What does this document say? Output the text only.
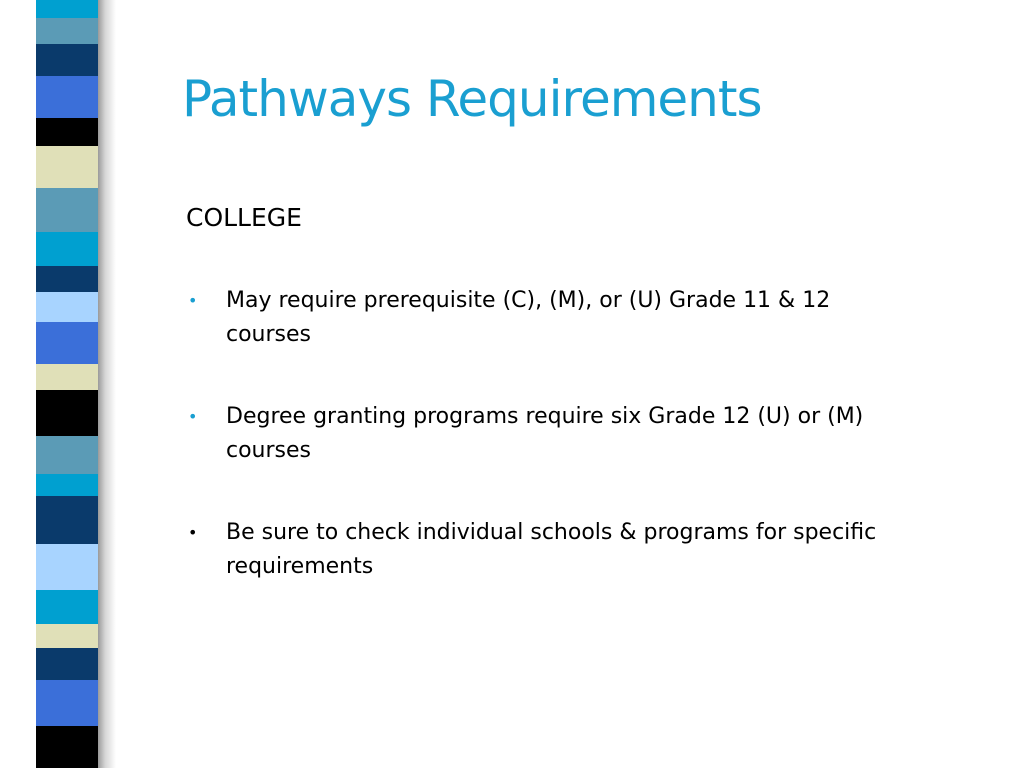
Pathways Requirements
COLLEGE
• May require prerequisite (C), (M), or (U) Grade 11 & 12 courses
• Degree granting programs require six Grade 12 (U) or (M) courses
• Be sure to check individual schools & programs for specific requirements
